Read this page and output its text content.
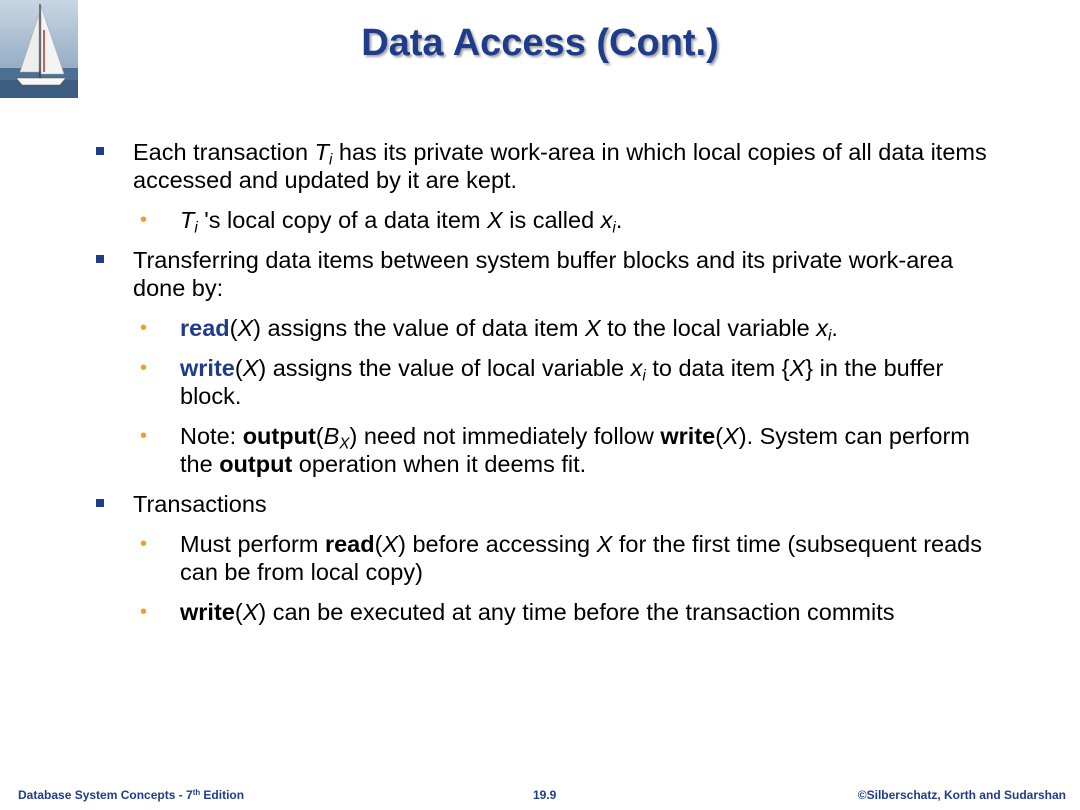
Data Access (Cont.)
Each transaction $T_i$ has its private work-area in which local copies of all data items accessed and updated by it are kept.
• $T_i$ 's local copy of a data item X is called $x_i$.
Transferring data items between system buffer blocks and its private work-area done by:
• read(X) assigns the value of data item X to the local variable $x_i$.
• write(X) assigns the value of local variable $x_i$ to data item {X} in the buffer block.
• Note: $output(B_X)$ need not immediately follow write(X). System can perform the output operation when it deems fit.
Transactions
• Must perform read(X) before accessing X for the first time (subsequent reads can be from local copy)
• write(X) can be executed at any time before the transaction commits
Database System Concepts - 7th Edition	19.9	©Silberschatz, Korth and Sudarshan
